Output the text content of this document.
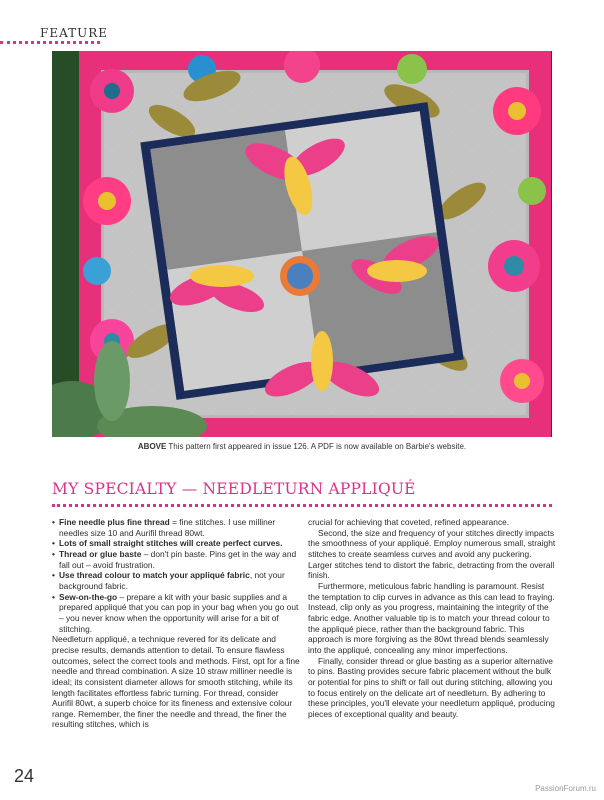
FEATURE
ABOVE This pattern first appeared in issue 126. A PDF is now available on Barbie's website.
MY SPECIALTY — NEEDLETURN APPLIQUÉ
• Fine needle plus fine thread = fine stitches. I use milliner needles size 10 and Aurifil thread 80wt.
• Lots of small straight stitches will create perfect curves.
• Thread or glue baste – don't pin baste. Pins get in the way and fall out – avoid frustration.
• Use thread colour to match your appliqué fabric, not your background fabric.
• Sew-on-the-go – prepare a kit with your basic supplies and a prepared appliqué that you can pop in your bag when you go out – you never know when the opportunity will arise for a bit of stitching.

Needleturn appliqué, a technique revered for its delicate and precise results, demands attention to detail. To ensure flawless outcomes, select the correct tools and methods. First, opt for a fine needle and thread combination. A size 10 straw milliner needle is ideal; its consistent diameter allows for smooth stitching, while its length facilitates effortless fabric turning. For thread, consider Aurifil 80wt, a superb choice for its fineness and extensive colour range. Remember, the finer the needle and thread, the finer the resulting stitches, which is

crucial for achieving that coveted, refined appearance.

Second, the size and frequency of your stitches directly impacts the smoothness of your appliqué. Employ numerous small, straight stitches to create seamless curves and avoid any puckering. Larger stitches tend to distort the fabric, detracting from the overall finish.

Furthermore, meticulous fabric handling is paramount. Resist the temptation to clip curves in advance as this can lead to fraying. Instead, clip only as you progress, maintaining the integrity of the fabric edge. Another valuable tip is to match your thread colour to the appliqué piece, rather than the background fabric. This approach is more forgiving as the 80wt thread blends seamlessly into the appliqué, concealing any minor imperfections.

Finally, consider thread or glue basting as a superior alternative to pins. Basting provides secure fabric placement without the bulk or potential for pins to shift or fall out during stitching, allowing you to focus entirely on the delicate art of needleturn. By adhering to these principles, you'll elevate your needleturn appliqué, producing pieces of exceptional quality and beauty.

24
PassionForum.ru
